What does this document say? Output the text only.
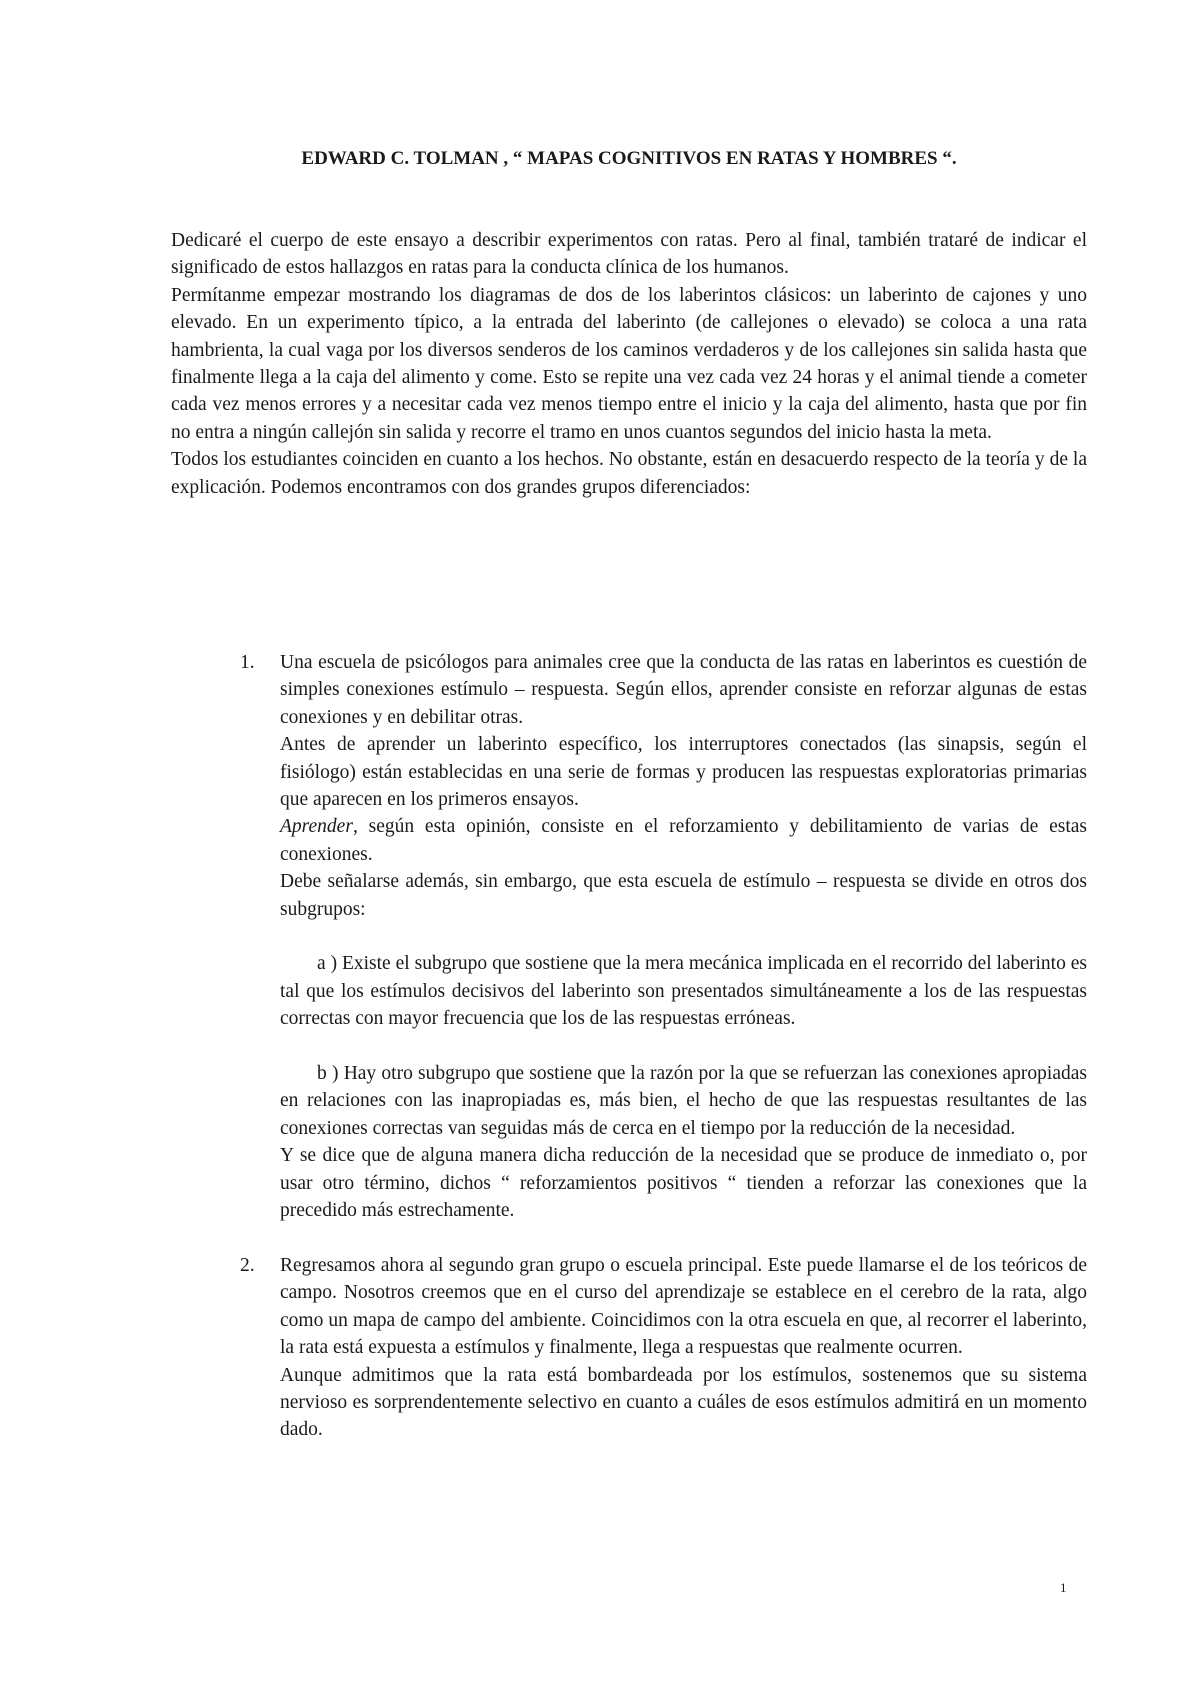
EDWARD C. TOLMAN , “ MAPAS COGNITIVOS EN RATAS Y HOMBRES “.

Dedicaré el cuerpo de este ensayo a describir experimentos con ratas. Pero al final, también trataré de indicar el significado de estos hallazgos en ratas para la conducta clínica de los humanos.

Permítanme empezar mostrando los diagramas de dos de los laberintos clásicos: un laberinto de cajones y uno elevado. En un experimento típico, a la entrada del laberinto (de callejones o elevado) se coloca a una rata hambrienta, la cual vaga por los diversos senderos de los caminos verdaderos y de los callejones sin salida hasta que finalmente llega a la caja del alimento y come. Esto se repite una vez cada vez 24 horas y el animal tiende a cometer cada vez menos errores y a necesitar cada vez menos tiempo entre el inicio y la caja del alimento, hasta que por fin no entra a ningún callejón sin salida y recorre el tramo en unos cuantos segundos del inicio hasta la meta.

Todos los estudiantes coinciden en cuanto a los hechos. No obstante, están en desacuerdo respecto de la teoría y de la explicación. Podemos encontramos con dos grandes grupos diferenciados:

1. Una escuela de psicólogos para animales cree que la conducta de las ratas en laberintos es cuestión de simples conexiones estímulo – respuesta. Según ellos, aprender consiste en reforzar algunas de estas conexiones y en debilitar otras.

Antes de aprender un laberinto específico, los interruptores conectados (las sinapsis, según el fisiólogo) están establecidas en una serie de formas y producen las respuestas exploratorias primarias que aparecen en los primeros ensayos.

Aprender, según esta opinión, consiste en el reforzamiento y debilitamiento de varias de estas conexiones.

Debe señalarse además, sin embargo, que esta escuela de estímulo – respuesta se divide en otros dos subgrupos:

a ) Existe el subgrupo que sostiene que la mera mecánica implicada en el recorrido del laberinto es tal que los estímulos decisivos del laberinto son presentados simultáneamente a los de las respuestas correctas con mayor frecuencia que los de las respuestas erróneas.

b ) Hay otro subgrupo que sostiene que la razón por la que se refuerzan las conexiones apropiadas en relaciones con las inapropiadas es, más bien, el hecho de que las respuestas resultantes de las conexiones correctas van seguidas más de cerca en el tiempo por la reducción de la necesidad.

Y se dice que de alguna manera dicha reducción de la necesidad que se produce de inmediato o, por usar otro término, dichos “ reforzamientos positivos “ tienden a reforzar las conexiones que la precedido más estrechamente.

2. Regresamos ahora al segundo gran grupo o escuela principal. Este puede llamarse el de los teóricos de campo. Nosotros creemos que en el curso del aprendizaje se establece en el cerebro de la rata, algo como un mapa de campo del ambiente. Coincidimos con la otra escuela en que, al recorrer el laberinto, la rata está expuesta a estímulos y finalmente, llega a respuestas que realmente ocurren.

Aunque admitimos que la rata está bombardeada por los estímulos, sostenemos que su sistema nervioso es sorprendentemente selectivo en cuanto a cuáles de esos estímulos admitirá en un momento dado.

1
